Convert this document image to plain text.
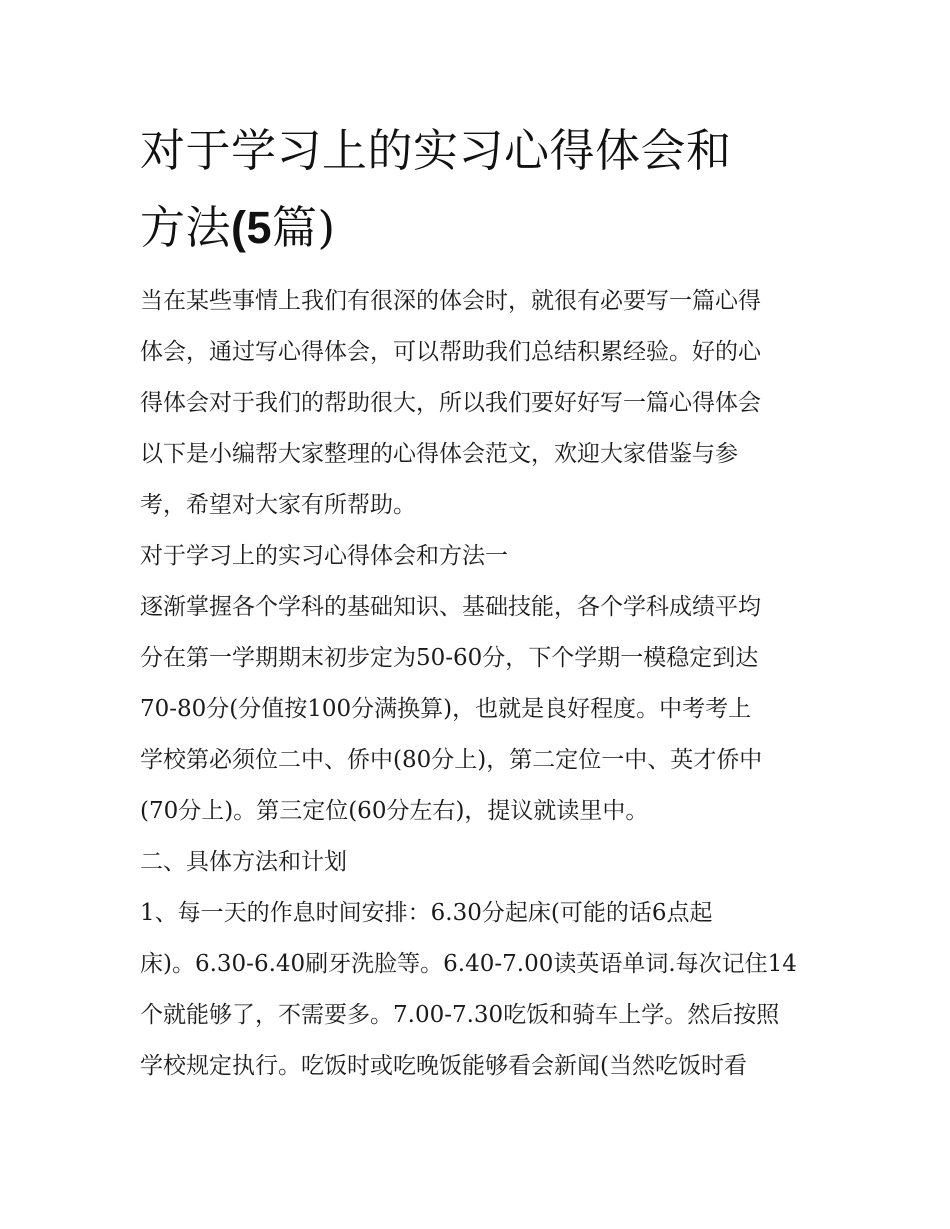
对于学习上的实习心得体会和
方法(5篇)

当在某些事情上我们有很深的体会时，就很有必要写一篇心得
体会，通过写心得体会，可以帮助我们总结积累经验。好的心
得体会对于我们的帮助很大，所以我们要好好写一篇心得体会
以下是小编帮大家整理的心得体会范文，欢迎大家借鉴与参
考，希望对大家有所帮助。

对于学习上的实习心得体会和方法一

逐渐掌握各个学科的基础知识、基础技能，各个学科成绩平均
分在第一学期期末初步定为50-60分，下个学期一模稳定到达
70-80分(分值按100分满换算)，也就是良好程度。中考考上
学校第必须位二中、侨中(80分上)，第二定位一中、英才侨中
(70分上)。第三定位(60分左右)，提议就读里中。

二、具体方法和计划

1、每一天的作息时间安排：6.30分起床(可能的话6点起
床)。6.30-6.40刷牙洗脸等。6.40-7.00读英语单词.每次记住14
个就能够了，不需要多。7.00-7.30吃饭和骑车上学。然后按照
学校规定执行。吃饭时或吃晚饭能够看会新闻(当然吃饭时看
